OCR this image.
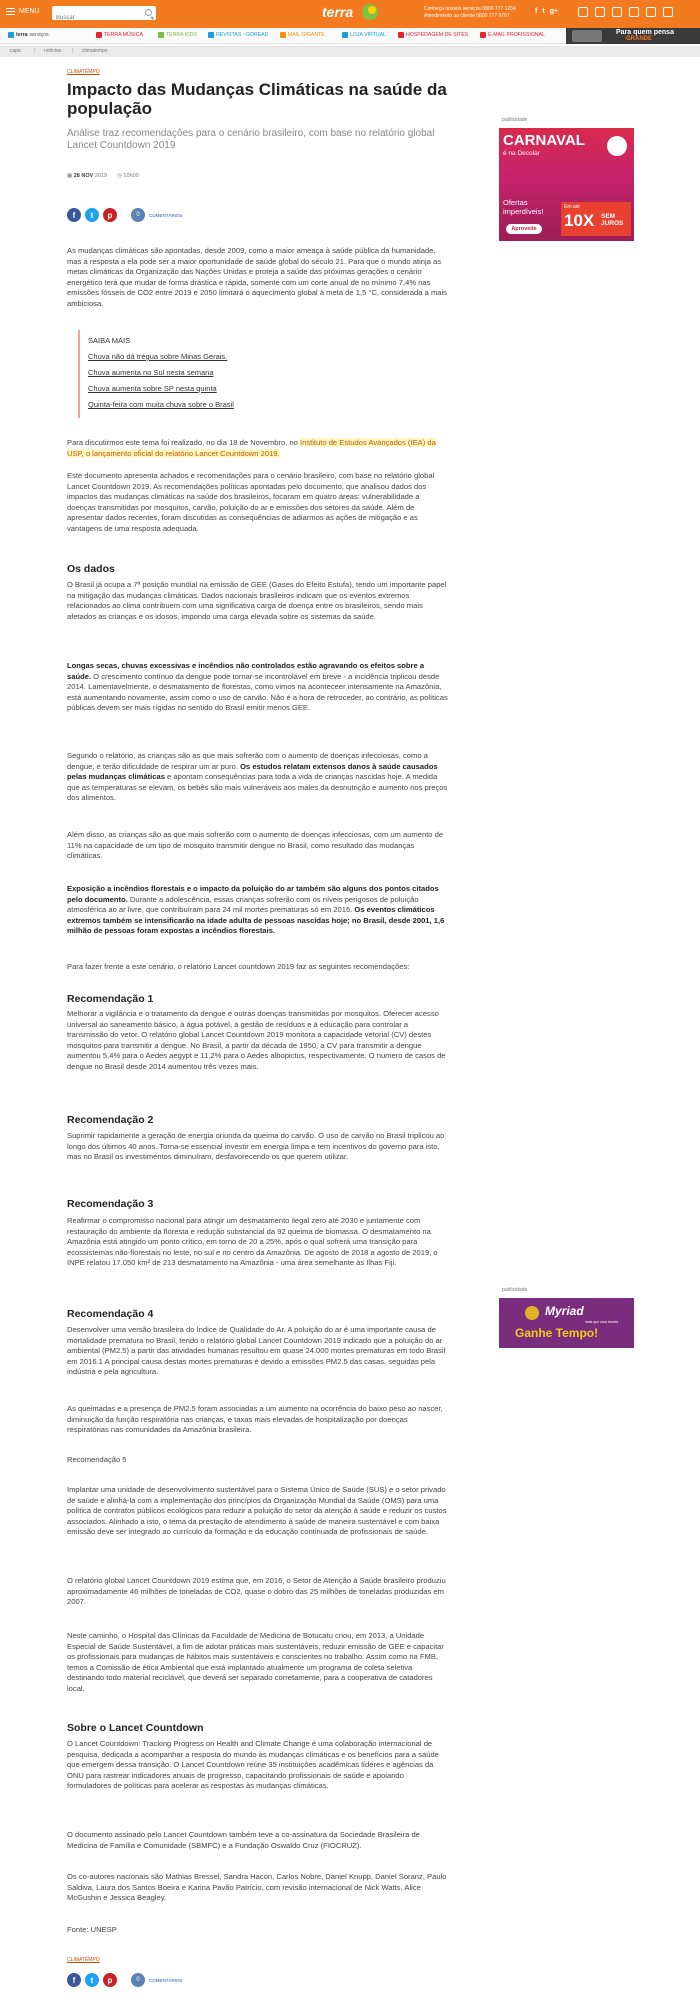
MENU
Buscar	terra	Conheça nossos serviços 0800 777 1234
Atendimento ao cliente 0800 777 9797
f t g+
terra serviços	TERRA MÚSICA	TERRA KIDS	REVISTAS - GOREAD	MAIL GIGANTE	LOJA VIRTUAL	HOSPEDAGEM DE SITES	E-MAIL PROFISSIONAL	Para quem pensa
GRANDE
capa	| notícias | climatempo
CLIMATEMPO
Impacto das Mudanças Climáticas na saúde da população
Análise traz recomendações para o cenário brasileiro, com base no relatório global Lancet Countdown 2019
▦ 28 NOV 2019 ◷ 10h00
f	t	p	0	COMENTÁRIOS

As mudanças climáticas são apontadas, desde 2009, como a maior ameaça à saúde pública da humanidade, mas a resposta a ela pode ser a maior oportunidade de saúde global do século 21. Para que o mundo atinja as metas climáticas da Organização das Nações Unidas e proteja a saúde das próximas gerações o cenário energético terá que mudar de forma drástica e rápida, somente com um corte anual de no mínimo 7,4% nas emissões fósseis de CO2 entre 2019 e 2050 limitará o aquecimento global à meta de 1,5 °C, considerada a mais ambiciosa.

SAIBA MAIS
Chuva não dá trégua sobre Minas Gerais.
Chuva aumenta no Sul nesta semana
Chuva aumenta sobre SP nesta quinta
Quinta-feira com muita chuva sobre o Brasil

Para discutirmos este tema foi realizado, no dia 18 de Novembro, no Instituto de Estudos Avançados (IEA) da USP, o lançamento oficial do relatório Lancet Countdown 2019.

Este documento apresenta achados e recomendações para o cenário brasileiro, com base no relatório global Lancet Countdown 2019. As recomendações políticas apontadas pelo documento, que analisou dados dos impactos das mudanças climáticas na saúde dos brasileiros, focaram em quatro áreas: vulnerabilidade a doenças transmitidas por mosquitos, carvão, poluição do ar e emissões dos setores da saúde. Além de apresentar dados recentes, foram discutidas as consequências de adiarmos as ações de mitigação e as vantagens de uma resposta adequada.

Os dados

O Brasil já ocupa a 7ª posição mundial na emissão de GEE (Gases do Efeito Estufa), tendo um importante papel na mitigação das mudanças climáticas. Dados nacionais brasileiros indicam que os eventos extremos relacionados ao clima contribuem com uma significativa carga de doença entre os brasileiros, sendo mais afetados as crianças e os idosos, impondo uma carga elevada sobre os sistemas da saúde.

Longas secas, chuvas excessivas e incêndios não controlados estão agravando os efeitos sobre a saúde. O crescimento contínuo da dengue pode tornar-se incontrolável em breve - a incidência triplicou desde 2014. Lamentavelmente, o desmatamento de florestas, como vimos na aconteceer intensamente na Amazônia, está aumentando novamente, assim como o uso de carvão. Não é a hora de retroceder, ao contrário, as políticas públicas devem ser mais rígidas no sentido do Brasil emitir menos GEE.

Segundo o relatório, as crianças são as que mais sofrerão com o aumento de doenças infecciosas, como a dengue, e terão dificuldade de respirar um ar puro. Os estudos relatam extensos danos à saúde causados pelas mudanças climáticas e apontam consequências para toda a vida de crianças nascidas hoje. A medida que as temperaturas se elevam, os bebês são mais vulneráveis aos males da desnutrição e aumento nos preços dos alimentos.

Além disso, as crianças são as que mais sofrerão com o aumento de doenças infecciosas, com um aumento de 11% na capacidade de um tipo de mosquito transmitir dengue no Brasil, como resultado das mudanças climáticas.

Exposição a incêndios florestais e o impacto da poluição do ar também são alguns dos pontos citados pelo documento. Durante a adolescência, essas crianças sofrerão com os níveis perigosos de poluição atmosférica ao ar livre, que contribuíram para 24 mil mortes prematuras só em 2016. Os eventos climáticos extremos também se intensificarão na idade adulta de pessoas nascidas hoje; no Brasil, desde 2001, 1,6 milhão de pessoas foram expostas a incêndios florestais.

Para fazer frente a este cenário, o relatório Lancet countdown 2019 faz as seguintes recomendações:

Recomendação 1

Melhorar a vigilância e o tratamento da dengue e outras doenças transmitidas por mosquitos. Oferecer acesso universal ao saneamento básico, à água potável, à gestão de resíduos e à educação para controlar a transmissão do vetor. O relatório global Lancet Countdown 2019 monitora a capacidade vetorial (CV) destes mosquitos para transmitir a dengue. No Brasil, a partir da década de 1950, a CV para transmitir a dengue aumentou 5,4% para o Aedes aegypt e 11,2% para o Aedes albopictus, respectivamente. O numero de casos de dengue no Brasil desde 2014 aumentou três vezes mais.

Recomendação 2

Suprimir rapidamente a geração de energia oriunda da queima do carvão. O uso de carvão no Brasil triplicou ao longo dos últimos 40 anos. Torna-se essencial investir em energia limpa e tem incentivos do governo para isto, mas no Brasil os investimentos diminuíram, desfavorecendo os que querem utilizar.

Recomendação 3

Reafirmar o compromisso nacional para atingir um desmatamento ilegal zero até 2030 e juntamente com restauração do ambiente da floresta e redução substancial da 92 queima de biomassa. O desmatamento na Amazônia está atingido um ponto crítico, em torno de 20 a 25%, após o qual sofrerá uma transição para ecossistemas não-florestais no leste, no sul e no centro da Amazônia. De agosto de 2018 a agosto de 2019, o INPE relatou 17.050 km² de 213 desmatamento na Amazônia - uma área semelhante às Ilhas Fiji.

Recomendação 4

Desenvolver uma versão brasileira do Índice de Qualidade do Ar. A poluição do ar é uma importante causa de mortalidade prematura no Brasil, tendo o relatório global Lancet Countdown 2019 indicado que a poluição do ar ambiental (PM2.5) a partir das atividades humanas resultou em quase 24.000 mortes prematuras em todo Brasil em 2016.1 A principal causa destas mortes prematuras é devido a emissões PM2.5 das casas, seguidas pela indústria e pela agricultura.

As queimadas e a presença de PM2.5 foram associadas a um aumento na ocorrência do baixo peso ao nascer, diminuição da função respiratória nas crianças, e taxas mais elevadas de hospitalização por doenças respiratórias nas comunidades da Amazônia brasileira.

Recomendação 5

Implantar uma unidade de desenvolvimento sustentável para o Sistema Único de Saúde (SUS) e o setor privado de saúde e alinhá-la com a implementação dos princípios da Organização Mundial da Saúde (OMS) para uma política de contratos públicos ecológicos para reduzir a poluição do setor da atenção à saúde e reduzir os custos associados. Alinhado a isto, o tema da prestação de atendimento à saúde de maneira sustentável e com baixa emissão deve ser integrado ao currículo da formação e da educação continuada de profissionais de saúde.

O relatório global Lancet Countdown 2019 estima que, em 2016, o Setor de Atenção à Saúde brasileiro produziu aproximadamente 46 milhões de toneladas de CO2, quase o dobro das 25 milhões de toneladas produzidas em 2007.

Neste caminho, o Hospital das Clínicas da Faculdade de Medicina de Botucatu criou, em 2013, a Unidade Especial de Saúde Sustentável, a fim de adotar práticas mais sustentáveis, reduzir emissão de GEE e capacitar os profissionais para mudanças de hábitos mais sustentáveis e conscientes no trabalho. Assim como na FMB, temos a Comissão de ética Ambiental que está implantado atualmente um programa de coleta seletiva destinando todo material reciclável, que deverá ser separado corretamente, para a cooperativa de catadores local.

Sobre o Lancet Countdown

O Lancet Countdown: Tracking Progress on Health and Climate Change é uma colaboração internacional de pesquisa, dedicada a acompanhar a resposta do mundo às mudanças climáticas e os benefícios para a saúde que emergem dessa transição. O Lancet Countdown reúne 35 instituições acadêmicas líderes e agências da ONU para rastrear indicadores anuais de progresso, capacitando profissionais de saúde e apoiando formuladores de políticas para acelerar as respostas às mudanças climáticas.

O documento assinado pelo Lancet Countdown também teve a co-assinatura da Sociedade Brasileira de Medicina de Família e Comunidade (SBMFC) e a Fundação Oswaldo Cruz (FIOCRUZ).

Os co-autores nacionais são Mathias Bressel, Sandra Hacon, Carlos Nobre, Daniel Knupp, Daniel Soranz, Paulo Saldiva, Laura dos Santos Boeira e Karina Pavão Patrício, com revisão internacional de Nick Watts, Alice McGushin e Jessica Beagley.

Fonte: UNESP

CLIMATEMPO
f	t	p	0	COMENTÁRIOS
publicidade
CARNAVAL
é na Decolar
Ofertas imperdíveis!
Aproveite
Em até
10X SEM JUROS
publicidade
Myriad
mais que uma escola
Ganhe Tempo!
